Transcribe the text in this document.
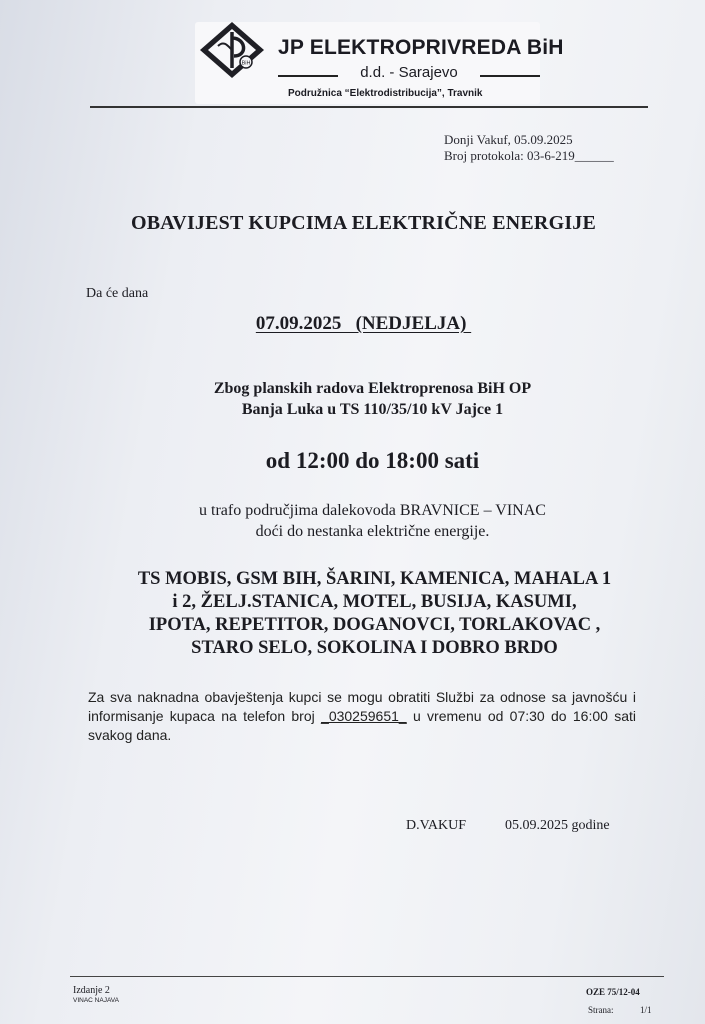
BiH
JP ELEKTROPRIVREDA BiH
d.d. - Sarajevo
Podružnica “Elektrodistribucija”, Travnik
Donji Vakuf, 05.09.2025
Broj protokola: 03-6-219______
OBAVIJEST KUPCIMA ELEKTRIČNE ENERGIJE
Da će dana
07.09.2025   (NEDJELJA)
Zbog planskih radova Elektroprenosa BiH OP
Banja Luka u TS 110/35/10 kV Jajce 1
od 12:00 do 18:00 sati
u trafo područjima dalekovoda BRAVNICE – VINAC
doći do nestanka električne energije.
TS MOBIS, GSM BIH, ŠARINI, KAMENICA, MAHALA 1
i 2, ŽELJ.STANICA, MOTEL, BUSIJA, KASUMI,
IPOTA, REPETITOR, DOGANOVCI, TORLAKOVAC ,
STARO SELO, SOKOLINA I DOBRO BRDO
Za sva naknadna obavještenja kupci se mogu obratiti Službi za odnose sa javnošću i informisanje kupaca na telefon broj _030259651_ u vremenu od 07:30 do 16:00 sati svakog dana.
D.VAKUF	05.09.2025 godine
Izdanje 2
VINAC NAJAVA
OZE 75/12-04
Strana:	1/1
